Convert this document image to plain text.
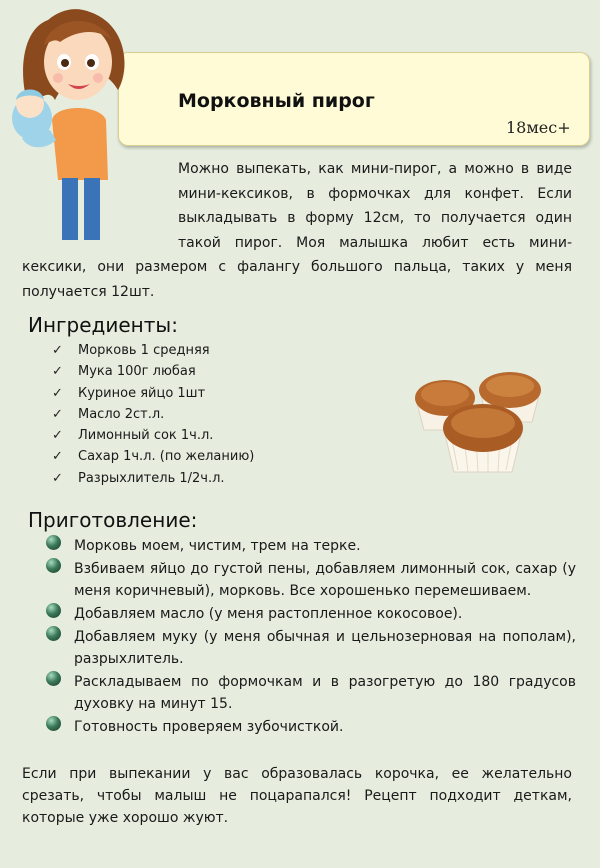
Морковный пирог
18мес+
Можно выпекать, как мини-пирог, а можно в виде мини-кексиков, в формочках для конфет. Если выкладывать в форму 12см, то получается один такой пирог. Моя малышка любит есть мини-кексики, они размером с фалангу большого пальца, таких у меня получается 12шт.
Ингредиенты:
✓	Морковь 1 средняя
✓	Мука 100г любая
✓	Куриное яйцо 1шт
✓	Масло 2ст.л.
✓	Лимонный сок 1ч.л.
✓	Сахар 1ч.л. (по желанию)
✓	Разрыхлитель 1/2ч.л.
Приготовление:
Морковь моем, чистим, трем на терке.
Взбиваем яйцо до густой пены, добавляем лимонный сок, сахар (у меня коричневый), морковь. Все хорошенько перемешиваем.
Добавляем масло (у меня растопленное кокосовое).
Добавляем муку (у меня обычная и цельнозерновая на пополам), разрыхлитель.
Раскладываем по формочкам и в разогретую до 180 градусов духовку на минут 15.
Готовность проверяем зубочисткой.
Если при выпекании у вас образовалась корочка, ее желательно срезать, чтобы малыш не поцарапался! Рецепт подходит деткам, которые уже хорошо жуют.
